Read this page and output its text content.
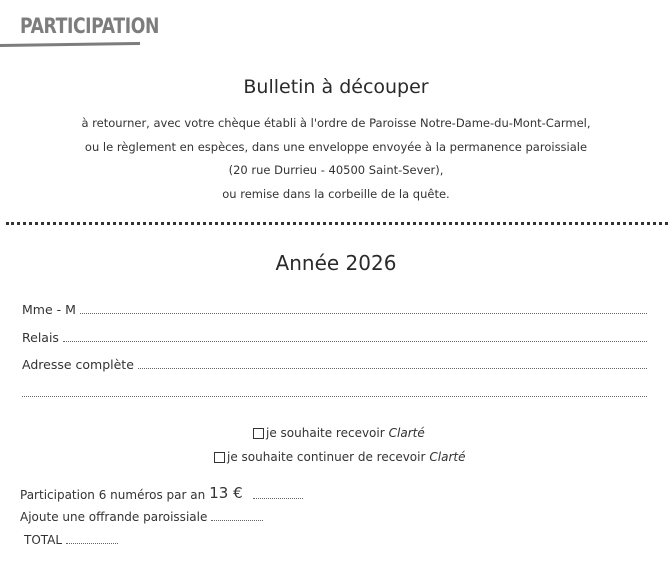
PARTICIPATION
Bulletin à découper
à retourner, avec votre chèque établi à l'ordre de Paroisse Notre-Dame-du-Mont-Carmel,
ou le règlement en espèces, dans une enveloppe envoyée à la permanence paroissiale
(20 rue Durrieu - 40500 Saint-Sever),
ou remise dans la corbeille de la quête.
Année 2026
Mme - M
Relais
Adresse complète
je souhaite recevoir Clarté
je souhaite continuer de recevoir Clarté
Participation 6 numéros par an 13 €
Ajoute une offrande paroissiale
TOTAL
